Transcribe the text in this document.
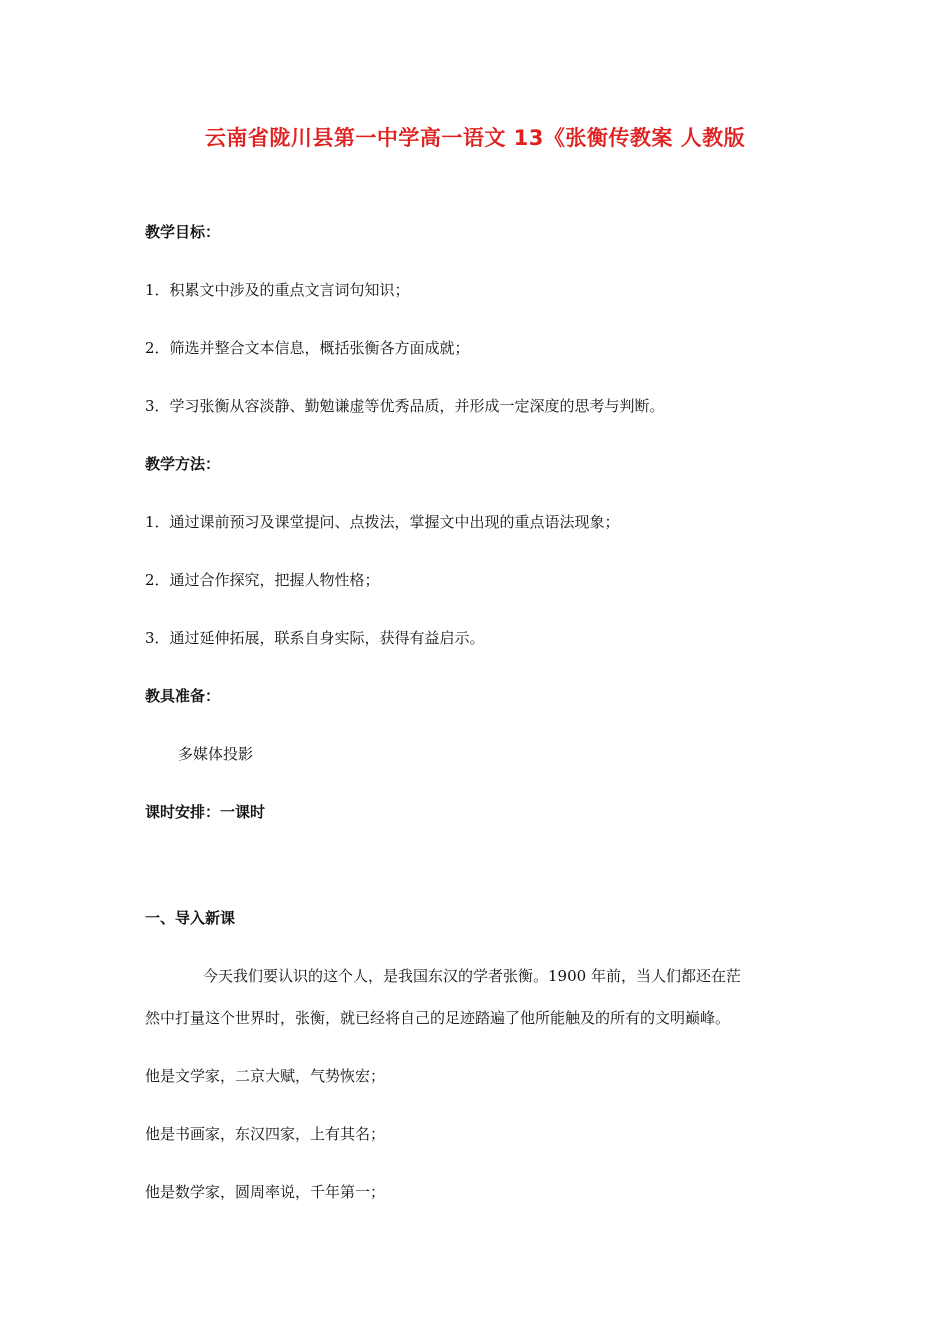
云南省陇川县第一中学高一语文 13《张衡传教案 人教版
教学目标：
1．积累文中涉及的重点文言词句知识；
2．筛选并整合文本信息，概括张衡各方面成就；
3．学习张衡从容淡静、勤勉谦虚等优秀品质，并形成一定深度的思考与判断。
教学方法：
1．通过课前预习及课堂提问、点拨法，掌握文中出现的重点语法现象；
2．通过合作探究，把握人物性格；
3．通过延伸拓展，联系自身实际，获得有益启示。
教具准备：
多媒体投影
课时安排：一课时
一、导入新课
今天我们要认识的这个人，是我国东汉的学者张衡。1900 年前，当人们都还在茫
然中打量这个世界时，张衡，就已经将自己的足迹踏遍了他所能触及的所有的文明巅峰。
他是文学家，二京大赋，气势恢宏；
他是书画家，东汉四家，上有其名；
他是数学家，圆周率说，千年第一；
